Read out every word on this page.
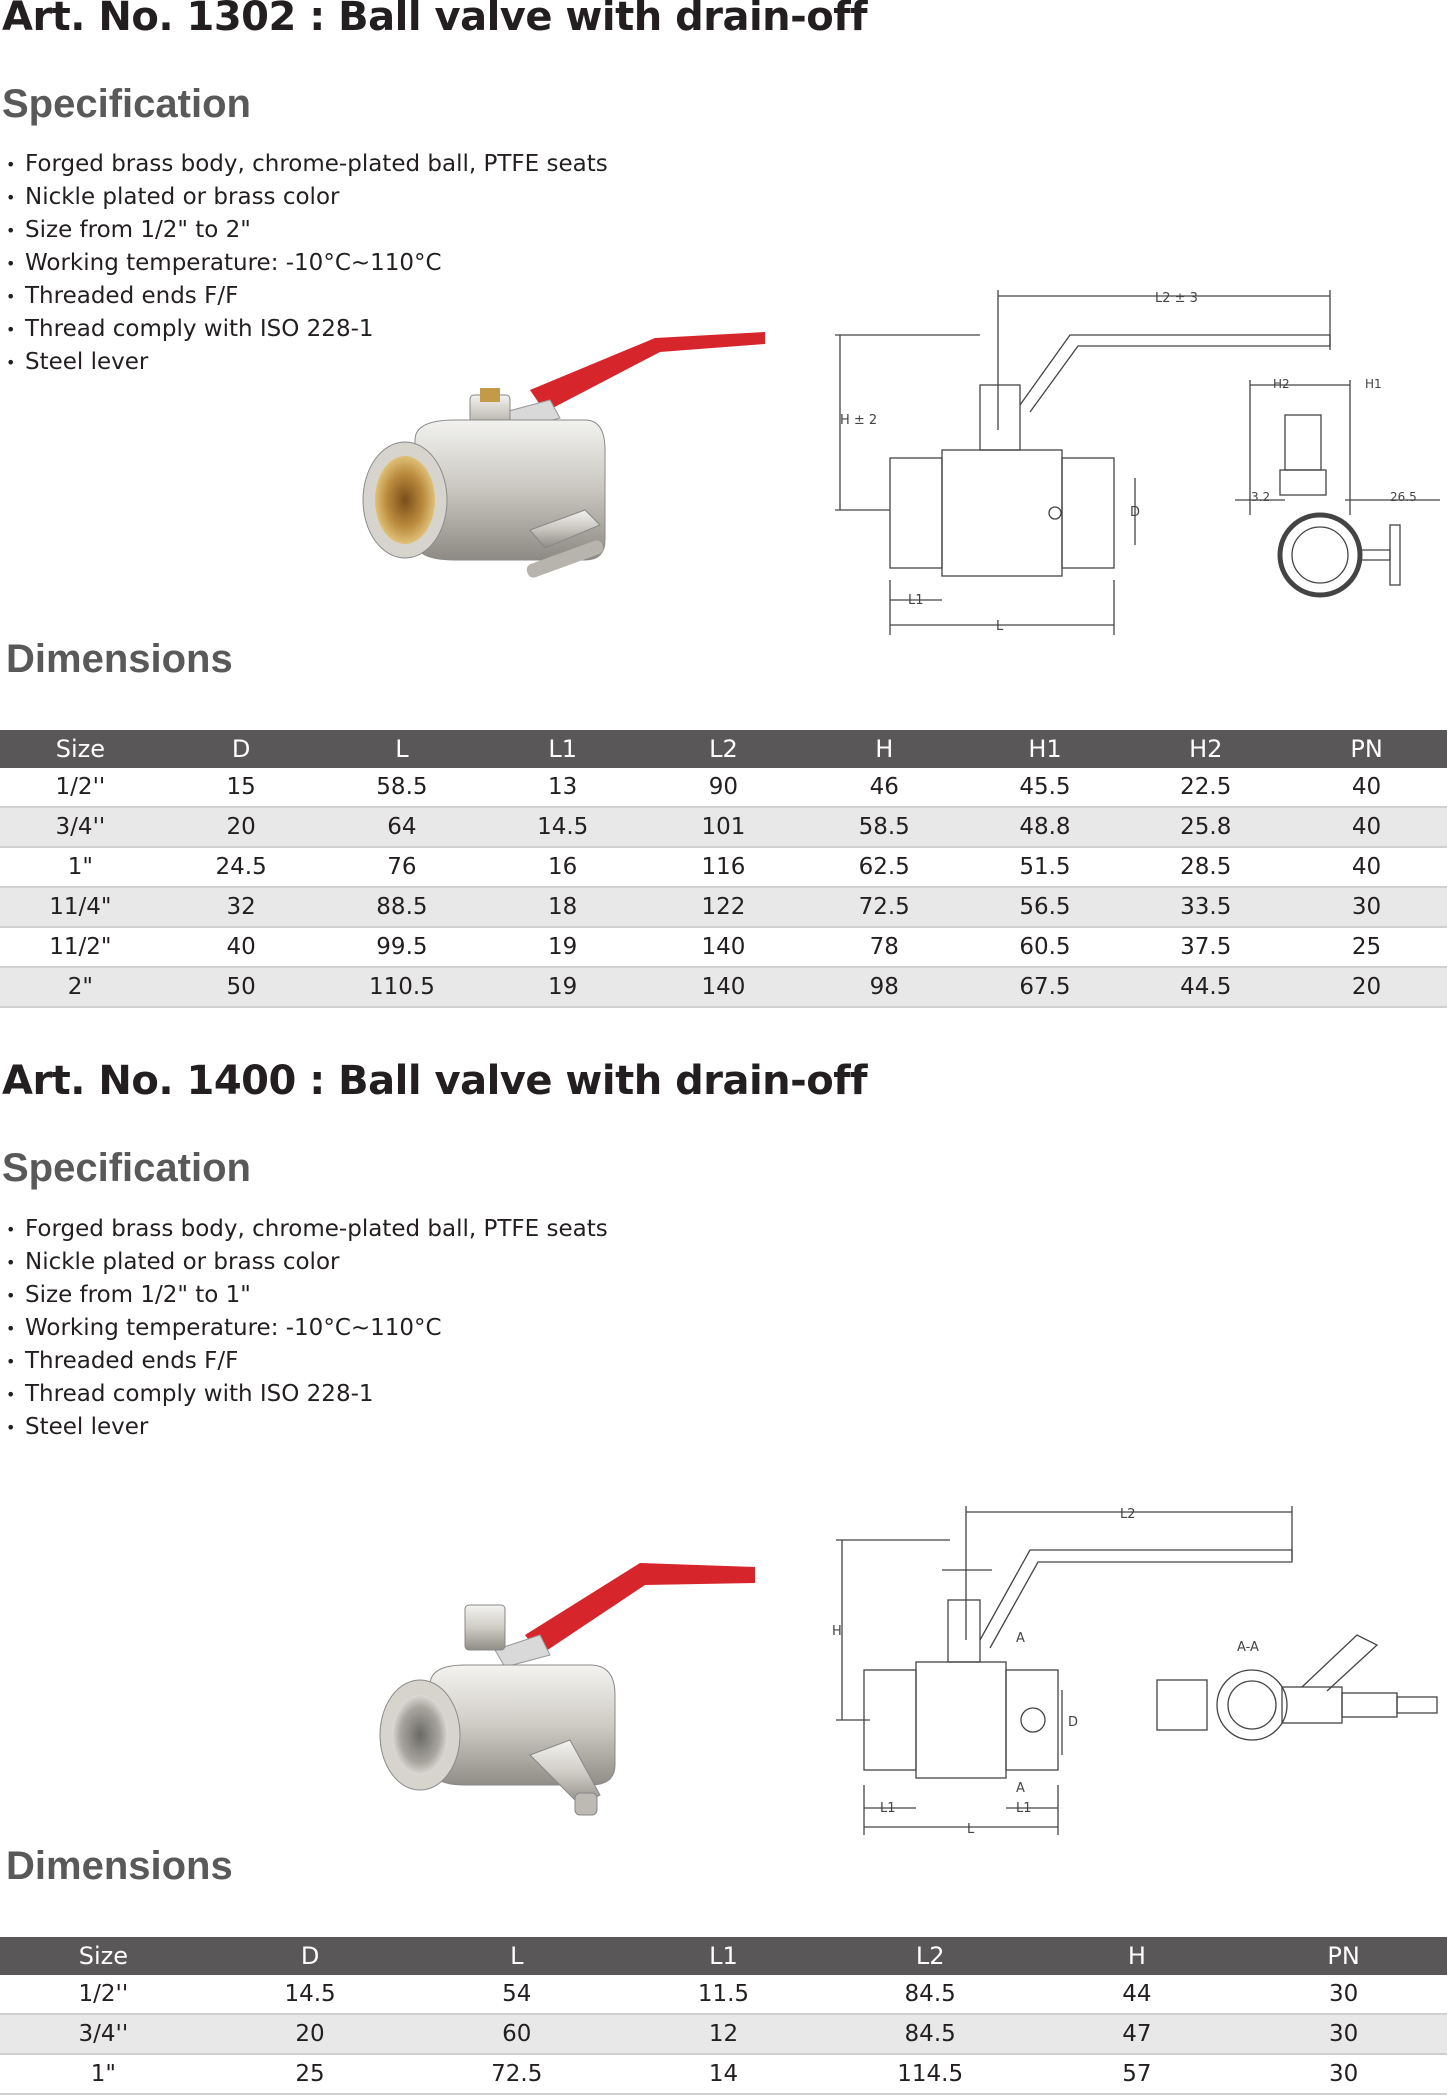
Art. No. 1302 : Ball valve with drain-off
Specification
• Forged brass body, chrome-plated ball, PTFE seats
• Nickle plated or brass color
• Size from 1/2" to 2"
• Working temperature: -10°C~110°C
• Threaded ends F/F
• Thread comply with ISO 228-1
• Steel lever
L2 ± 3
H ± 2
D
L1
L
H2	H1
3.2	26.5
Dimensions
Size	D	L	L1	L2	H	H1	H2	PN
1/2''	15	58.5	13	90	46	45.5	22.5	40
3/4''	20	64	14.5	101	58.5	48.8	25.8	40
1"	24.5	76	16	116	62.5	51.5	28.5	40
11/4"	32	88.5	18	122	72.5	56.5	33.5	30
11/2"	40	99.5	19	140	78	60.5	37.5	25
2"	50	110.5	19	140	98	67.5	44.5	20
Art. No. 1400 : Ball valve with drain-off
Specification
• Forged brass body, chrome-plated ball, PTFE seats
• Nickle plated or brass color
• Size from 1/2" to 1"
• Working temperature: -10°C~110°C
• Threaded ends F/F
• Thread comply with ISO 228-1
• Steel lever
L2
H
D
L1	L1
L
A
A
A-A
Dimensions
Size	D	L	L1	L2	H	PN
1/2''	14.5	54	11.5	84.5	44	30
3/4''	20	60	12	84.5	47	30
1"	25	72.5	14	114.5	57	30
